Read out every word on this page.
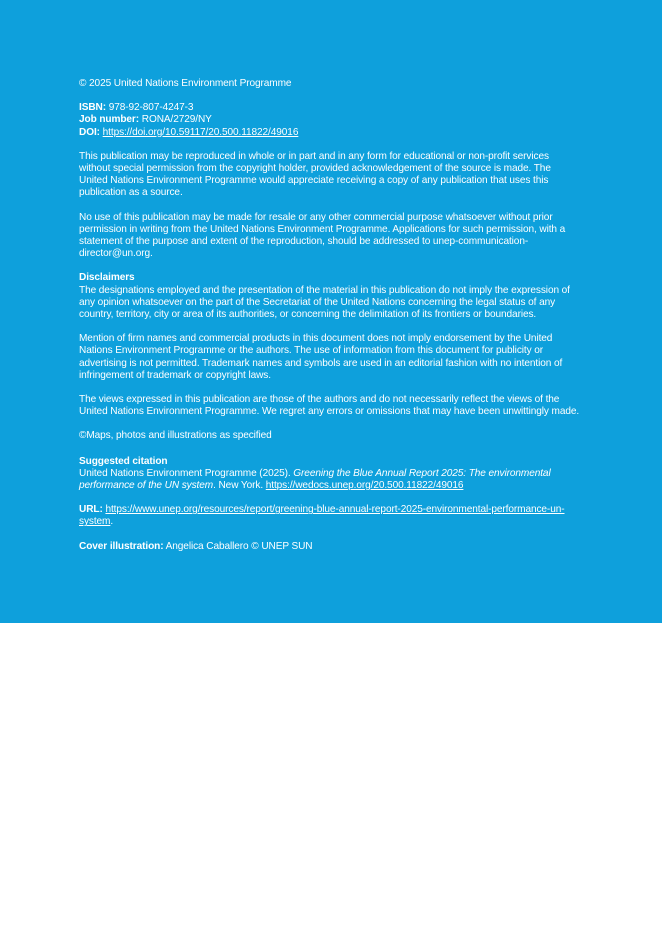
© 2025 United Nations Environment Programme

ISBN: 978-92-807-4247-3

Job number: RONA/2729/NY

DOI: https://doi.org/10.59117/20.500.11822/49016

This publication may be reproduced in whole or in part and in any form for educational or non-profit services without special permission from the copyright holder, provided acknowledgement of the source is made. The United Nations Environment Programme would appreciate receiving a copy of any publication that uses this publication as a source.

No use of this publication may be made for resale or any other commercial purpose whatsoever without prior permission in writing from the United Nations Environment Programme. Applications for such permission, with a statement of the purpose and extent of the reproduction, should be addressed to unep-communication-director@un.org.

Disclaimers

The designations employed and the presentation of the material in this publication do not imply the expression of any opinion whatsoever on the part of the Secretariat of the United Nations concerning the legal status of any country, territory, city or area of its authorities, or concerning the delimitation of its frontiers or boundaries.

Mention of firm names and commercial products in this document does not imply endorsement by the United Nations Environment Programme or the authors. The use of information from this document for publicity or advertising is not permitted. Trademark names and symbols are used in an editorial fashion with no intention of infringement of trademark or copyright laws.

The views expressed in this publication are those of the authors and do not necessarily reflect the views of the United Nations Environment Programme. We regret any errors or omissions that may have been unwittingly made.

©Maps, photos and illustrations as specified

Suggested citation

United Nations Environment Programme (2025). Greening the Blue Annual Report 2025: The environmental performance of the UN system. New York. https://wedocs.unep.org/20.500.11822/49016

URL: https://www.unep.org/resources/report/greening-blue-annual-report-2025-environmental-performance-un-system.

Cover illustration: Angelica Caballero © UNEP SUN
